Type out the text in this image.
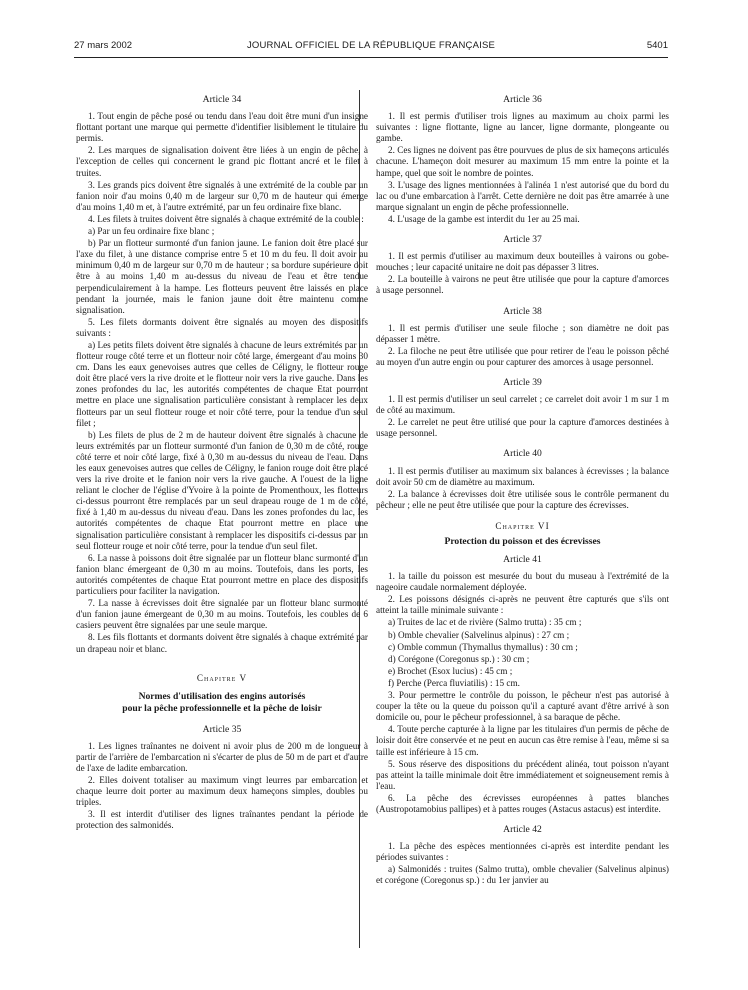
27 mars 2002	JOURNAL OFFICIEL DE LA RÉPUBLIQUE FRANÇAISE	5401
Article 34

1. Tout engin de pêche posé ou tendu dans l'eau doit être muni d'un insigne flottant portant une marque qui permette d'identifier lisiblement le titulaire du permis.

2. Les marques de signalisation doivent être liées à un engin de pêche, à l'exception de celles qui concernent le grand pic flottant ancré et le filet à truites.

3. Les grands pics doivent être signalés à une extrémité de la couble par un fanion noir d'au moins 0,40 m de largeur sur 0,70 m de hauteur qui émerge d'au moins 1,40 m et, à l'autre extrémité, par un feu ordinaire fixe blanc.

4. Les filets à truites doivent être signalés à chaque extrémité de la couble :

a) Par un feu ordinaire fixe blanc ;

b) Par un flotteur surmonté d'un fanion jaune. Le fanion doit être placé sur l'axe du filet, à une distance comprise entre 5 et 10 m du feu. Il doit avoir au minimum 0,40 m de largeur sur 0,70 m de hauteur ; sa bordure supérieure doit être à au moins 1,40 m au-dessus du niveau de l'eau et être tendue perpendiculairement à la hampe. Les flotteurs peuvent être laissés en place pendant la journée, mais le fanion jaune doit être maintenu comme signalisation.

5. Les filets dormants doivent être signalés au moyen des dispositifs suivants :

a) Les petits filets doivent être signalés à chacune de leurs extrémités par un flotteur rouge côté terre et un flotteur noir côté large, émergeant d'au moins 30 cm. Dans les eaux genevoises autres que celles de Céligny, le flotteur rouge doit être placé vers la rive droite et le flotteur noir vers la rive gauche. Dans les zones profondes du lac, les autorités compétentes de chaque Etat pourront mettre en place une signalisation particulière consistant à remplacer les deux flotteurs par un seul flotteur rouge et noir côté terre, pour la tendue d'un seul filet ;

b) Les filets de plus de 2 m de hauteur doivent être signalés à chacune de leurs extrémités par un flotteur surmonté d'un fanion de 0,30 m de côté, rouge côté terre et noir côté large, fixé à 0,30 m au-dessus du niveau de l'eau. Dans les eaux genevoises autres que celles de Céligny, le fanion rouge doit être placé vers la rive droite et le fanion noir vers la rive gauche. A l'ouest de la ligne reliant le clocher de l'église d'Yvoire à la pointe de Promenthoux, les flotteurs ci-dessus pourront être remplacés par un seul drapeau rouge de 1 m de côté, fixé à 1,40 m au-dessus du niveau d'eau. Dans les zones profondes du lac, les autorités compétentes de chaque Etat pourront mettre en place une signalisation particulière consistant à remplacer les dispositifs ci-dessus par un seul flotteur rouge et noir côté terre, pour la tendue d'un seul filet.

6. La nasse à poissons doit être signalée par un flotteur blanc surmonté d'un fanion blanc émergeant de 0,30 m au moins. Toutefois, dans les ports, les autorités compétentes de chaque Etat pourront mettre en place des dispositifs particuliers pour faciliter la navigation.

7. La nasse à écrevisses doit être signalée par un flotteur blanc surmonté d'un fanion jaune émergeant de 0,30 m au moins. Toutefois, les coubles de 6 casiers peuvent être signalées par une seule marque.

8. Les fils flottants et dormants doivent être signalés à chaque extrémité par un drapeau noir et blanc.

Chapitre V
Normes d'utilisation des engins autorisés
pour la pêche professionnelle et la pêche de loisir
Article 35

1. Les lignes traînantes ne doivent ni avoir plus de 200 m de longueur à partir de l'arrière de l'embarcation ni s'écarter de plus de 50 m de part et d'autre de l'axe de ladite embarcation.

2. Elles doivent totaliser au maximum vingt leurres par embarcation et chaque leurre doit porter au maximum deux hameçons simples, doubles ou triples.

3. Il est interdit d'utiliser des lignes traînantes pendant la période de protection des salmonidés.

Article 36

1. Il est permis d'utiliser trois lignes au maximum au choix parmi les suivantes : ligne flottante, ligne au lancer, ligne dormante, plongeante ou gambe.

2. Ces lignes ne doivent pas être pourvues de plus de six hameçons articulés chacune. L'hameçon doit mesurer au maximum 15 mm entre la pointe et la hampe, quel que soit le nombre de pointes.

3. L'usage des lignes mentionnées à l'alinéa 1 n'est autorisé que du bord du lac ou d'une embarcation à l'arrêt. Cette dernière ne doit pas être amarrée à une marque signalant un engin de pêche professionnelle.

4. L'usage de la gambe est interdit du 1er au 25 mai.

Article 37

1. Il est permis d'utiliser au maximum deux bouteilles à vairons ou gobe-mouches ; leur capacité unitaire ne doit pas dépasser 3 litres.

2. La bouteille à vairons ne peut être utilisée que pour la capture d'amorces à usage personnel.

Article 38

1. Il est permis d'utiliser une seule filoche ; son diamètre ne doit pas dépasser 1 mètre.

2. La filoche ne peut être utilisée que pour retirer de l'eau le poisson pêché au moyen d'un autre engin ou pour capturer des amorces à usage personnel.

Article 39

1. Il est permis d'utiliser un seul carrelet ; ce carrelet doit avoir 1 m sur 1 m de côté au maximum.

2. Le carrelet ne peut être utilisé que pour la capture d'amorces destinées à usage personnel.

Article 40

1. Il est permis d'utiliser au maximum six balances à écrevisses ; la balance doit avoir 50 cm de diamètre au maximum.

2. La balance à écrevisses doit être utilisée sous le contrôle permanent du pêcheur ; elle ne peut être utilisée que pour la capture des écrevisses.

Chapitre VI
Protection du poisson et des écrevisses
Article 41

1. la taille du poisson est mesurée du bout du museau à l'extrémité de la nageoire caudale normalement déployée.

2. Les poissons désignés ci-après ne peuvent être capturés que s'ils ont atteint la taille minimale suivante :

a) Truites de lac et de rivière (Salmo trutta) : 35 cm ;

b) Omble chevalier (Salvelinus alpinus) : 27 cm ;

c) Omble commun (Thymallus thymallus) : 30 cm ;

d) Corégone (Coregonus sp.) : 30 cm ;

e) Brochet (Esox lucius) : 45 cm ;

f) Perche (Perca fluviatilis) : 15 cm.

3. Pour permettre le contrôle du poisson, le pêcheur n'est pas autorisé à couper la tête ou la queue du poisson qu'il a capturé avant d'être arrivé à son domicile ou, pour le pêcheur professionnel, à sa baraque de pêche.

4. Toute perche capturée à la ligne par les titulaires d'un permis de pêche de loisir doit être conservée et ne peut en aucun cas être remise à l'eau, même si sa taille est inférieure à 15 cm.

5. Sous réserve des dispositions du précédent alinéa, tout poisson n'ayant pas atteint la taille minimale doit être immédiatement et soigneusement remis à l'eau.

6. La pêche des écrevisses européennes à pattes blanches (Austropotamobius pallipes) et à pattes rouges (Astacus astacus) est interdite.

Article 42

1. La pêche des espèces mentionnées ci-après est interdite pendant les périodes suivantes :

a) Salmonidés : truites (Salmo trutta), omble chevalier (Salvelinus alpinus) et corégone (Coregonus sp.) : du 1er janvier au
